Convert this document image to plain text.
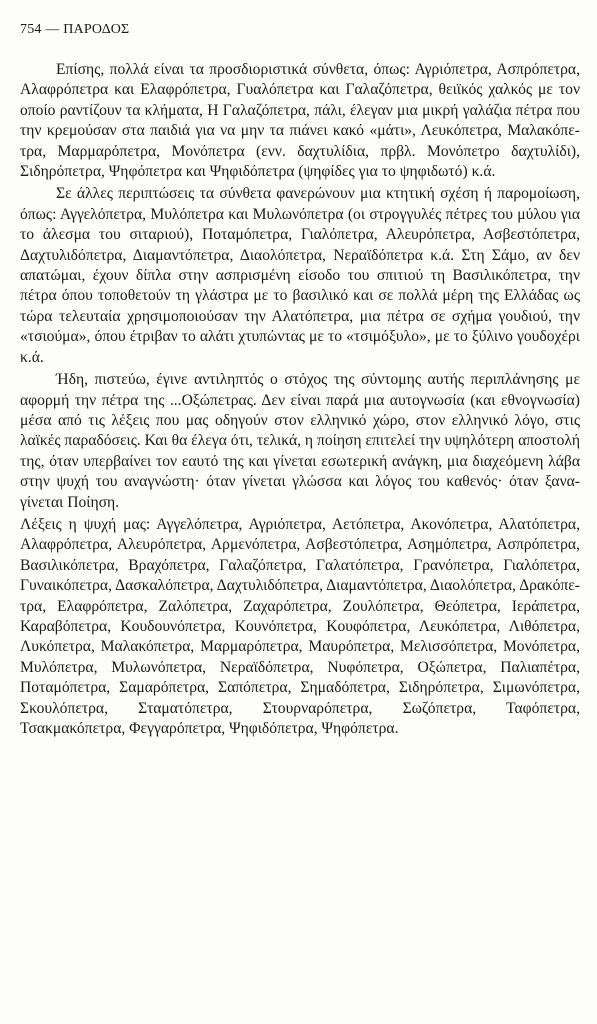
754 — ΠΑΡΟΔΟΣ

Επίσης, πολλά είναι τα προσδιοριστικά σύνθετα, όπως: Αγριόπετρα, Ασπρόπετρα, Αλαφρόπετρα και Ελαφρόπετρα, Γυαλόπετρα και Γαλαζόπετρα, θειϊκός χαλκός με τον οποίο ραντίζουν τα κλήματα, Η Γαλαζόπετρα, πάλι, έλεγαν μια μικρή γαλάζια πέτρα που την κρεμούσαν στα παιδιά για να μην τα πιάνει κακό «μάτι», Λευκόπετρα, Μαλακόπετρα, Μαρμαρόπετρα, Μονόπετρα (ενν. δαχτυλίδια, πρβλ. Μονόπετρο δαχτυλίδι), Σιδηρόπετρα, Ψηφόπετρα και Ψηφιδόπετρα (ψηφίδες για το ψηφιδωτό) κ.ά.

Σε άλλες περιπτώσεις τα σύνθετα φανερώνουν μια κτητική σχέση ή παρομοίωση, όπως: Αγγελόπετρα, Μυλόπετρα και Μυλωνόπετρα (οι στρογγυλές πέτρες του μύλου για το άλεσμα του σιταριού), Ποταμόπετρα, Γιαλόπετρα, Αλευρόπετρα, Ασβεστόπετρα, Δαχτυλιδόπετρα, Διαμαντόπετρα, Διαολόπετρα, Νεραϊδόπετρα κ.ά. Στη Σάμο, αν δεν απατώμαι, έχουν δίπλα στην ασπρισμένη είσοδο του σπιτιού τη Βασιλικόπετρα, την πέτρα όπου τοποθετούν τη γλάστρα με το βασιλικό και σε πολλά μέρη της Ελλάδας ως τώρα τελευταία χρησιμοποιούσαν την Αλατόπετρα, μια πέτρα σε σχήμα γουδιού, την «τσιούμα», όπου έτριβαν το αλάτι χτυπώντας με το «τσιμόξυλο», με το ξύλινο γουδοχέρι κ.ά.

Ήδη, πιστεύω, έγινε αντιληπτός ο στόχος της σύντομης αυτής περιπλάνησης με αφορμή την πέτρα της ...Οξώπετρας. Δεν είναι παρά μια αυτογνωσία (και εθνογνωσία) μέσα από τις λέξεις που μας οδηγούν στον ελληνικό χώρο, στον ελληνικό λόγο, στις λαϊκές παραδόσεις. Και θα έλεγα ότι, τελικά, η ποίηση επιτελεί την υψηλότερη αποστολή της, όταν υπερβαίνει τον εαυτό της και γίνεται εσωτερική ανάγκη, μια διαχεόμενη λάβα στην ψυχή του αναγνώστη· όταν γίνεται γλώσσα και λόγος του καθενός· όταν ξανα-γίνεται Ποίηση.

Λέξεις η ψυχή μας: Αγγελόπετρα, Αγριόπετρα, Αετόπετρα, Ακονόπετρα, Αλατόπετρα, Αλαφρόπετρα, Αλευρόπετρα, Αρμενόπετρα, Ασβεστόπετρα, Ασημόπετρα, Ασπρόπετρα, Βασιλικόπετρα, Βραχόπετρα, Γαλαζόπετρα, Γαλατόπετρα, Γρανόπετρα, Γιαλόπετρα, Γυναικόπετρα, Δασκαλόπετρα, Δαχτυλιδόπετρα, Διαμαντόπετρα, Διαολόπετρα, Δρακόπετρα, Ελαφρόπετρα, Ζαλόπετρα, Ζαχαρόπετρα, Ζουλόπετρα, Θεόπετρα, Ιεράπετρα, Καραβόπετρα, Κουδουνόπετρα, Κουνόπετρα, Κουφόπετρα, Λευκόπετρα, Λιθόπετρα, Λυκόπετρα, Μαλακόπετρα, Μαρμαρόπετρα, Μαυρόπετρα, Μελισσόπετρα, Μονόπετρα, Μυλόπετρα, Μυλωνόπετρα, Νεραϊδόπετρα, Νυφόπετρα, Οξώπετρα, Παλιαπέτρα, Ποταμόπετρα, Σαμαρόπετρα, Σαπόπετρα, Σημαδόπετρα, Σιδηρόπετρα, Σιμωνόπετρα, Σκουλόπετρα, Σταματόπετρα, Στουρναρόπετρα, Σωζόπετρα, Ταφόπετρα, Τσακμακόπετρα, Φεγγαρόπετρα, Ψηφιδόπετρα, Ψηφόπετρα.
